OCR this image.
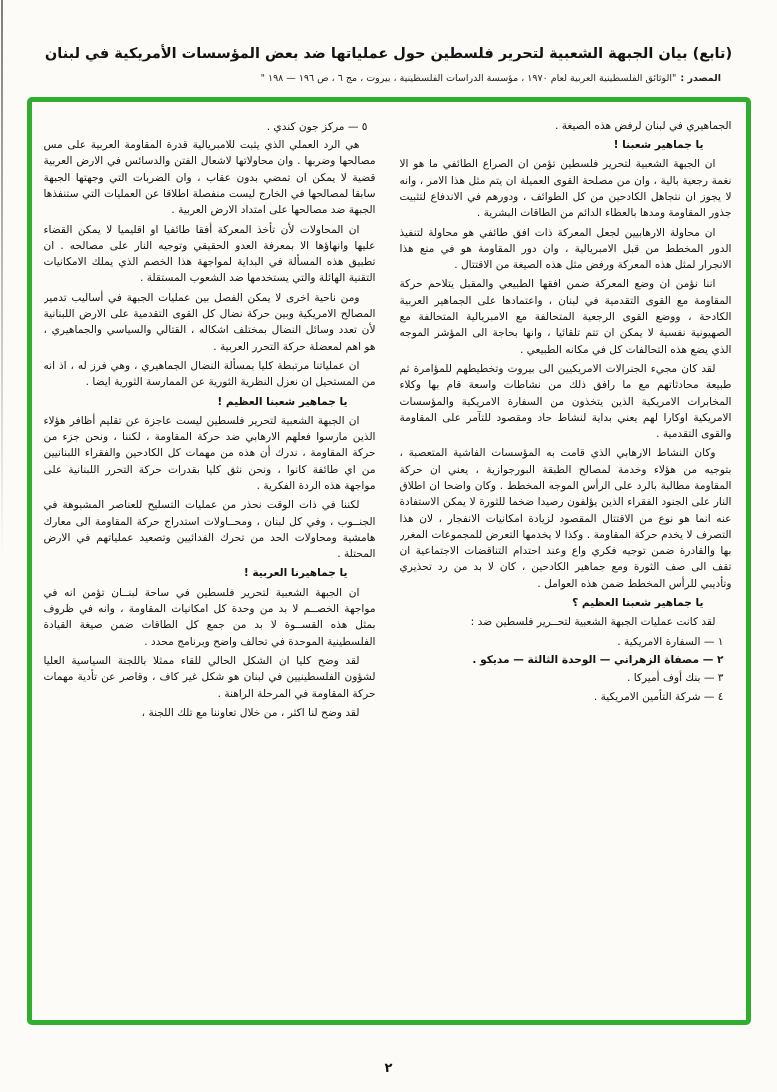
(تابع) بيان الجبهة الشعبية لتحرير فلسطين حول عملياتها ضد بعض المؤسسات الأمريكية في لبنان
المصدر :"الوثائق الفلسطينية العربية لعام ١٩٧٠ ، مؤسسة الدراسات الفلسطينية ، بيروت ، مج ٦ ، ص ١٩٦ — ١٩٨ "

الجماهيري في لبنان لرفض هذه الصيغة .

يا جماهير شعبنا !

ان الجبهة الشعبية لتحرير فلسطين تؤمن ان الصراع الطائفي ما هو الا نغمة رجعية بالية ، وان من مصلحة القوى العميلة ان يتم مثل هذا الامر ، وانه لا يجوز ان نتجاهل الكادحين من كل الطوائف ، ودورهم في الاندفاع لتثبيت جذور المقاومة ومدها بالعطاء الدائم من الطاقات البشرية .

ان محاولة الارهابيين لجعل المعركة ذات افق طائفي هو محاولة لتنفيذ الدور المخطط من قبل الامبريالية ، وان دور المقاومة هو في منع هذا الانجرار لمثل هذه المعركة ورفض مثل هذه الصيغة من الاقتتال .

اننا نؤمن ان وضع المعركة ضمن افقها الطبيعي والمقبل يتلاحم حركة المقاومة مع القوى التقدمية في لبنان ، واعتمادها على الجماهير العربية الكادحة ، ووضع القوى الرجعية المتحالفة مع الامبريالية المتحالفة مع الصهيونية نفسية لا يمكن ان تتم تلقائيا ، وانها بحاجة الى المؤشر الموجه الذي يضع هذه التحالفات كل في مكانه الطبيعي .

لقد كان مجيء الجنرالات الامريكيين الى بيروت وتخطيطهم للمؤامرة ثم طبيعة محادثاتهم مع ما رافق ذلك من نشاطات واسعة قام بها وكلاء المخابرات الامريكية الذين يتخذون من السفارة الامريكية والمؤسسات الامريكية اوكارا لهم يعني بداية لنشاط حاد ومقصود للتآمر على المقاومة والقوى التقدمية .

وكان النشاط الارهابي الذي قامت به المؤسسات الفاشية المتعصبة ، بتوجيه من هؤلاء وخدمة لمصالح الطبقة البورجوازية ، يعني ان حركة المقاومة مطالبة بالرد على الرأس الموجه المخطط . وكان واضحا ان اطلاق النار على الجنود الفقراء الذين يؤلفون رصيدا ضخما للثورة لا يمكن الاستفادة عنه انما هو نوع من الاقتتال المقصود لزيادة امكانيات الانفجار ، لان هذا التصرف لا يخدم حركة المقاومة . وكذا لا يخدمها التعرض للمجموعات المغرر بها والقادرة ضمن توجيه فكري واع وعند احتدام التناقضات الاجتماعية ان تقف الى صف الثورة ومع جماهير الكادحين ، كان لا بد من رد تحذيري وتأديبي للرأس المخطط ضمن هذه العوامل .

يا جماهير شعبنا العظيم ؟

لقد كانت عمليات الجبهة الشعبية لتحــرير فلسطين ضد :

١ — السفارة الامريكية .

٢ — مصفاة الزهراني — الوحدة الثالثة — مديكو .

٣ — بنك أوف أميركا .

٤ — شركة التأمين الامريكية .

٥ — مركز جون كندي .

هي الرد العملي الذي يثبت للامبريالية قدرة المقاومة العربية على مس مصالحها وضربها . وان محاولاتها لاشعال الفتن والدسائس في الارض العربية قضية لا يمكن ان تمضي بدون عقاب ، وان الضربات التي وجهتها الجبهة سابقا لمصالحها في الخارج ليست منفصلة اطلاقا عن العمليات التي ستنفذها الجبهة ضد مصالحها على امتداد الارض العربية .

ان المحاولات لأن تأخذ المعركة أفقا طائفيا او اقليميا لا يمكن القضاء عليها وانهاؤها الا بمعرفة العدو الحقيقي وتوجيه النار على مصالحه . ان تطبيق هذه المسألة في البداية لمواجهة هذا الخصم الذي يملك الامكانيات التقنية الهائلة والتي يستخدمها ضد الشعوب المستقلة .

ومن ناحية اخرى لا يمكن الفصل بين عمليات الجبهة في أساليب تدمير المصالح الامريكية وبين حركة نضال كل القوى التقدمية على الارض اللبنانية لأن تعدد وسائل النضال بمختلف اشكاله ، القتالي والسياسي والجماهيري ، هو اهم لمعضلة حركة التحرر العربية .

ان عملياتنا مرتبطة كليا بمسألة النضال الجماهيري ، وهي فرز له ، اذ انه من المستحيل ان نعزل النظرية الثورية عن الممارسة الثورية ايضا .

يا جماهير شعبنا العظيم !

ان الجبهة الشعبية لتحرير فلسطين ليست عاجزة عن تقليم أظافر هؤلاء الذين مارسوا فعلهم الارهابي ضد حركة المقاومة ، لكننا ، ونحن جزء من حركة المقاومة ، ندرك أن هذه من مهمات كل الكادحين والفقراء اللبنانيين من اي طائفة كانوا ، ونحن نثق كليا بقدرات حركة التحرر اللبنانية على مواجهة هذه الردة الفكرية .

لكننا في ذات الوقت نحذر من عمليات التسليح للعناصر المشبوهة في الجنــوب ، وفي كل لبنان ، ومحــاولات استدراج حركة المقاومة الى معارك هامشية ومحاولات الحد من تحرك الفدائيين وتصعيد عملياتهم في الارض المحتلة .

يا جماهيرنا العربية !

ان الجبهة الشعبية لتحرير فلسطين في ساحة لبنــان تؤمن انه في مواجهة الخصــم لا بد من وحدة كل امكانيات المقاومة ، وانه في ظروف بمثل هذه القســوة لا بد من جمع كل الطاقات ضمن صيغة القيادة الفلسطينية الموحدة في تحالف واضح وبرنامج محدد .

لقد وضح كليا ان الشكل الحالي للقاء ممثلا باللجنة السياسية العليا لشؤون الفلسطينيين في لبنان هو شكل غير كاف ، وقاصر عن تأدية مهمات حركة المقاومة في المرحلة الراهنة .

لقد وضح لنا اكثر ، من خلال تعاوننا مع تلك اللجنة ،

٢
